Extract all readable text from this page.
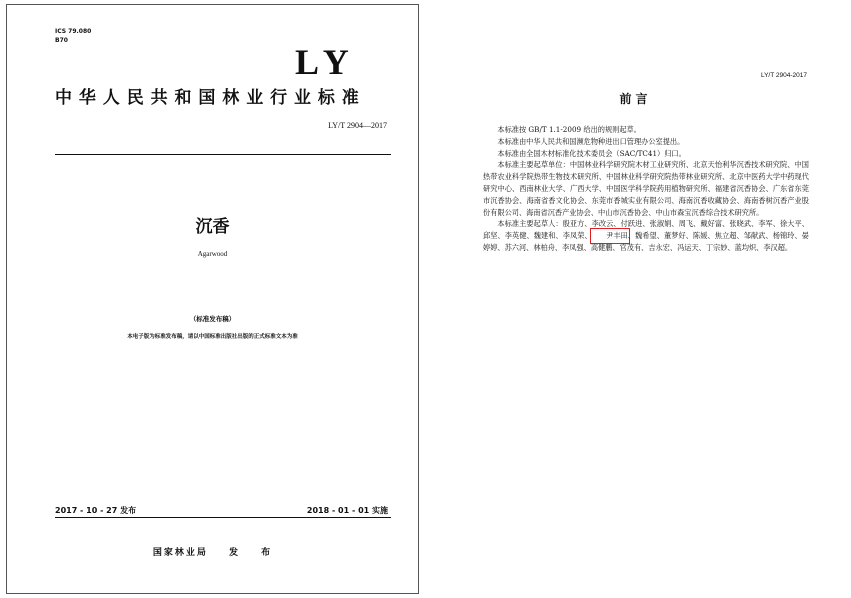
ICS 79.080
B70
LY
中华人民共和国林业行业标准
LY/T 2904—2017
沉香
Agarwood
（标准发布稿）
本电子版为标准发布稿，请以中国标准出版社出版的正式标准文本为准
2017 - 10 - 27 发布	2018 - 01 - 01 实施
国家林业局 发 布
LY/T 2904-2017
前言

本标准按 GB/T 1.1-2009 给出的规则起草。

本标准由中华人民共和国濒危物种进出口管理办公室提出。

本标准由全国木材标准化技术委员会（SAC/TC41）归口。

本标准主要起草单位：中国林业科学研究院木材工业研究所、北京天怡利华沉香技术研究院、中国热带农业科学院热带生物技术研究所、中国林业科学研究院热带林业研究所、北京中医药大学中药现代研究中心、西南林业大学、广西大学、中国医学科学院药用植物研究所、福建省沉香协会、广东省东莞市沉香协会、海南省香文化协会、东莞市香城实业有限公司、海南沉香收藏协会、海南香树沉香产业股份有限公司、海南省沉香产业协会、中山市沉香协会、中山市森宝沉香综合技术研究所。

本标准主要起草人：殷亚方、李改云、付跃进、张淑娟、周飞、戴好富、张晓武、李军、徐大平、邱坚、李英健、魏建和、李凤荣、 尹丰田、魏希望、董梦好、陈媛、焦立超、邹献武、杨锦玲、晏婷婷、苏六河、林柏舟、李凤强、高健鹏、官茂有、吉永宏、冯运天、丁宗妙、蓝均炽、李汉超。
